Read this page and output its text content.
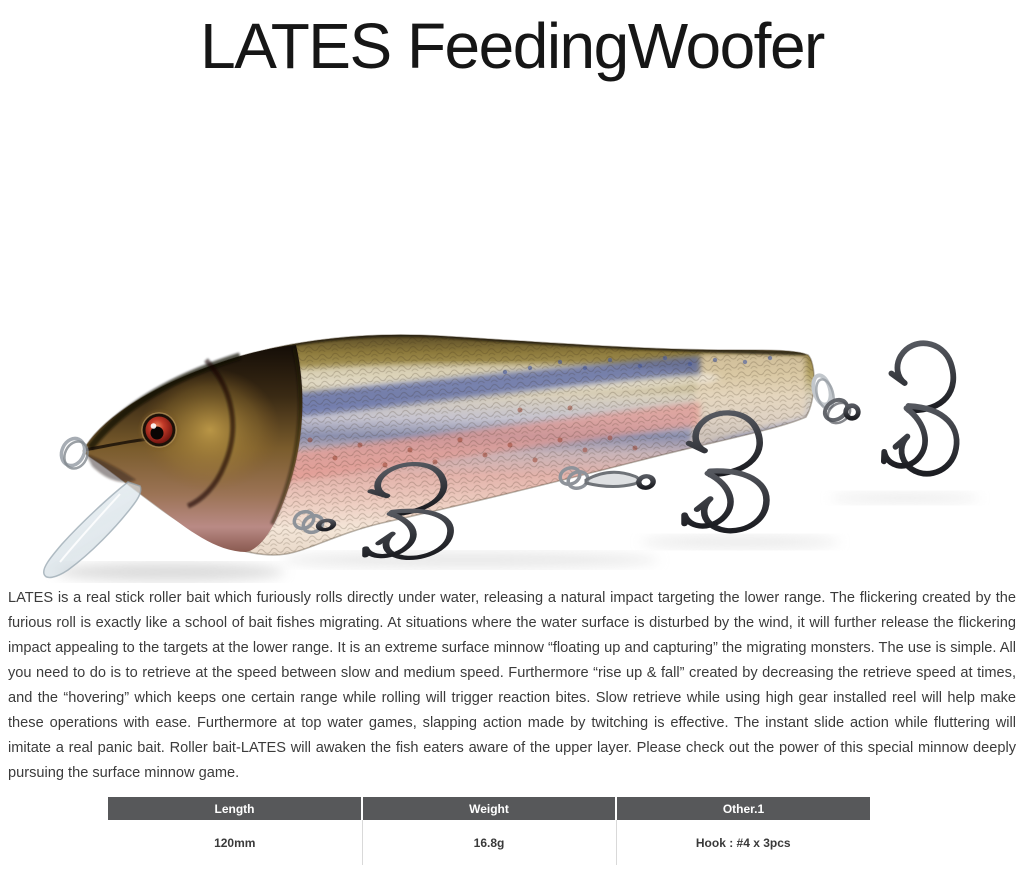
LATES FeedingWoofer

LATES is a real stick roller bait which furiously rolls directly under water, releasing a natural impact targeting the lower range. The flickering created by the furious roll is exactly like a school of bait fishes migrating. At situations where the water surface is disturbed by the wind, it will further release the flickering impact appealing to the targets at the lower range. It is an extreme surface minnow “floating up and capturing” the migrating monsters. The use is simple. All you need to do is to retrieve at the speed between slow and medium speed. Furthermore “rise up & fall” created by decreasing the retrieve speed at times, and the “hovering” which keeps one certain range while rolling will trigger reaction bites. Slow retrieve while using high gear installed reel will help make these operations with ease. Furthermore at top water games, slapping action made by twitching is effective. The instant slide action while fluttering will imitate a real panic bait. Roller bait-LATES will awaken the fish eaters aware of the upper layer. Please check out the power of this special minnow deeply pursuing the surface minnow game.

Length	Weight	Other.1
120mm	16.8g	Hook : #4 x 3pcs
